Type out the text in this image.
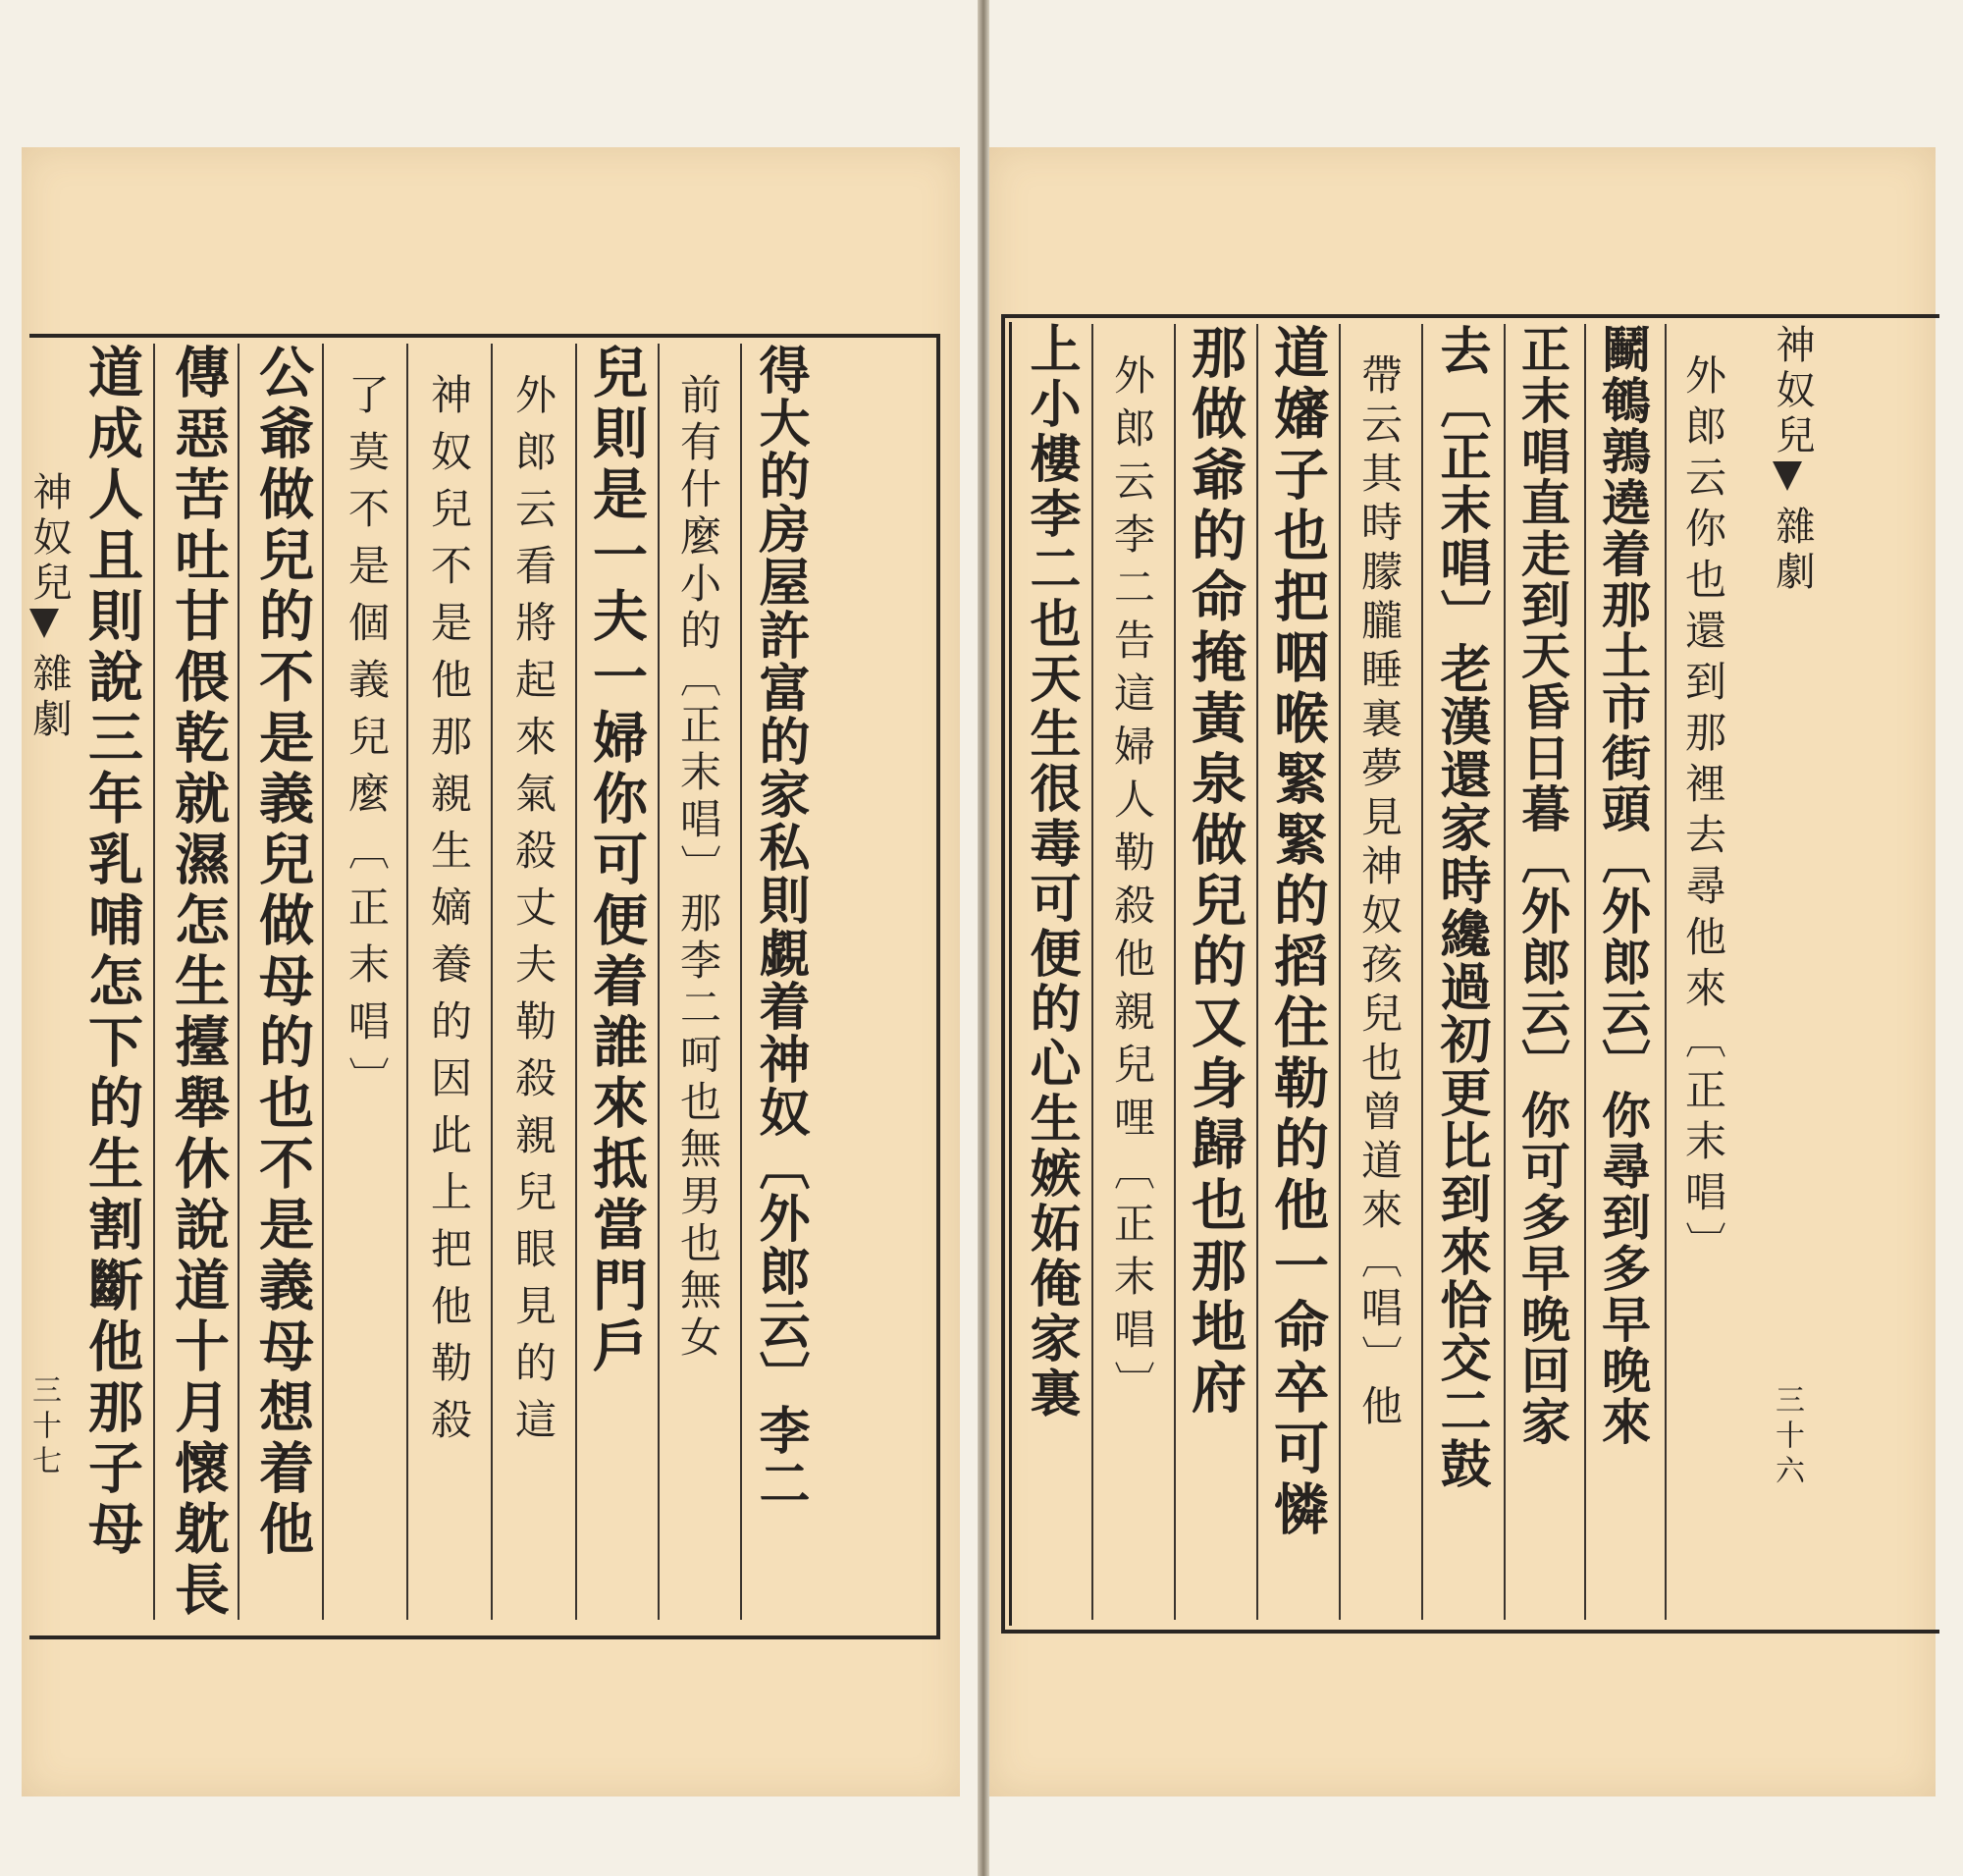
神奴兒
雜劇
三十七 道成人且則說三年乳哺怎下的生割斷他那子母 傳惡苦吐甘偎乾就濕怎生擡舉休說道十月懷躭長 公爺做兒的不是義兒做母的也不是義母想着他 了莫不是個義兒麼〔正末唱〕 神奴兒不是他那親生嫡養的因此上把他勒殺 外郎云看將起來氣殺丈夫勒殺親兒眼見的這 兒則是一夫一婦你可便着誰來抵當門戶 前有什麼小的〔正末唱〕那李二呵也無男也無女 得大的房屋許富的家私則覷着神奴〔外郎云〕李二	上小樓李二也天生很毒可便的心生嫉妬俺家裏 外郎云李二告這婦人勒殺他親兒哩〔正末唱〕 那做爺的命掩黃泉做兒的又身歸也那地府 道嬸子也把咽喉緊緊的搯住勒的他一命卒可憐 帶云其時朦朧睡裏夢見神奴孩兒也曾道來〔唱〕他 去〔正末唱〕老漢還家時纔過初更比到來恰交二鼓 正末唱直走到天昏日暮〔外郎云〕你可多早晚回家 鬭鵪鶉遶着那土市街頭〔外郎云〕你尋到多早晚來 外郎云你也還到那裡去尋他來〔正末唱〕 神奴兒
雜劇
三十六
